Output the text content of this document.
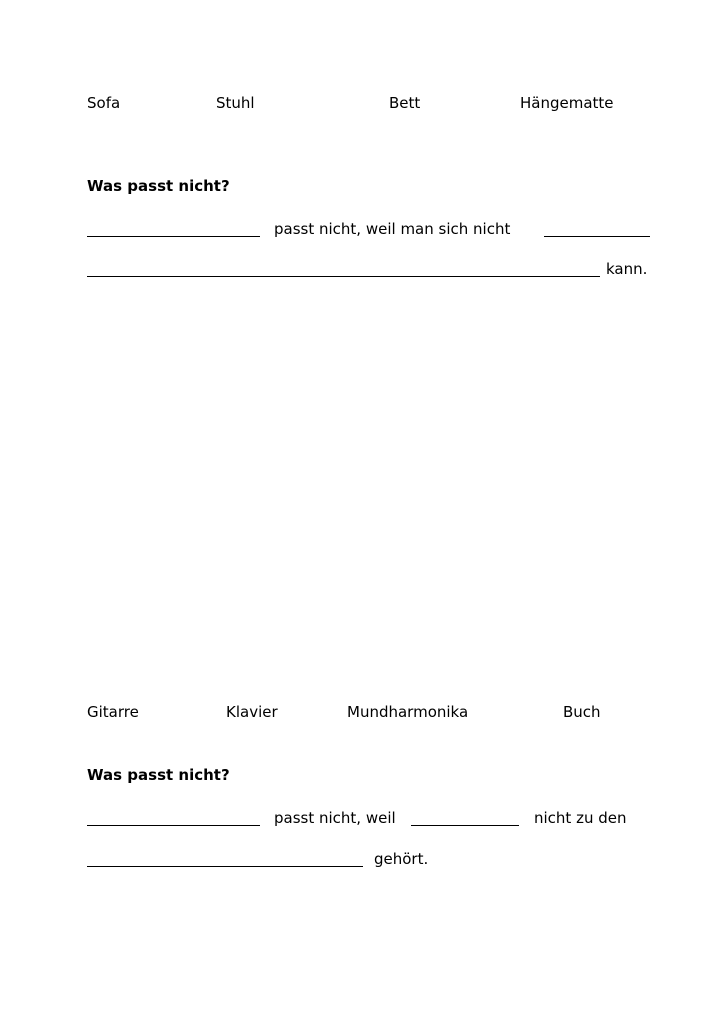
Sofa	Stuhl	Bett	Hängematte
Was passt nicht?
passt nicht, weil man sich nicht
kann.
Gitarre	Klavier	Mundharmonika	Buch
Was passt nicht?
passt nicht, weil	nicht zu den
gehört.
